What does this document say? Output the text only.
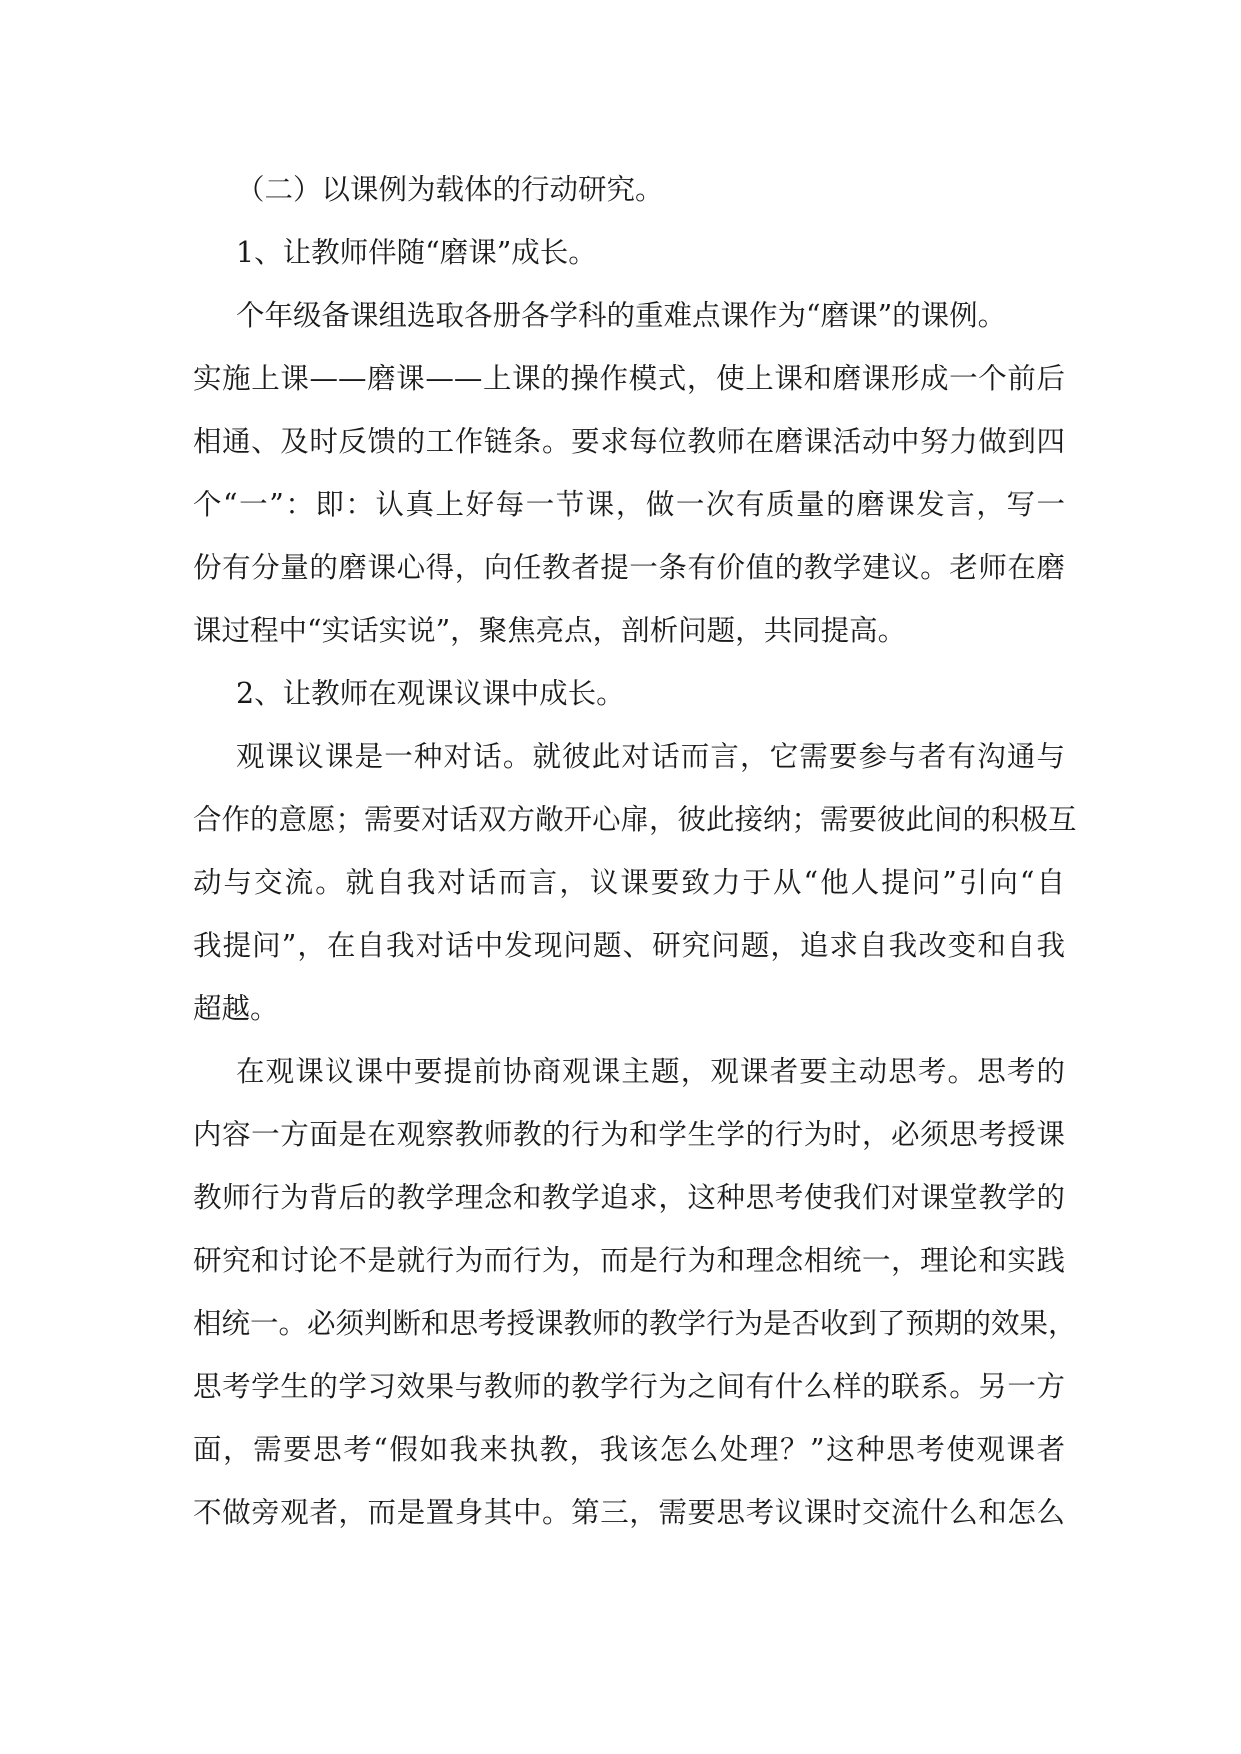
（二）以课例为载体的行动研究。
1、让教师伴随“磨课”成长。
个年级备课组选取各册各学科的重难点课作为“磨课”的课例。
实施上课——磨课——上课的操作模式，使上课和磨课形成一个前后
相通、及时反馈的工作链条。要求每位教师在磨课活动中努力做到四
个“一”：即：认真上好每一节课，做一次有质量的磨课发言，写一
份有分量的磨课心得，向任教者提一条有价值的教学建议。老师在磨
课过程中“实话实说”，聚焦亮点，剖析问题，共同提高。
2、让教师在观课议课中成长。
观课议课是一种对话。就彼此对话而言，它需要参与者有沟通与
合作的意愿；需要对话双方敞开心扉，彼此接纳；需要彼此间的积极互
动与交流。就自我对话而言，议课要致力于从“他人提问”引向“自
我提问”，在自我对话中发现问题、研究问题，追求自我改变和自我
超越。
在观课议课中要提前协商观课主题，观课者要主动思考。思考的
内容一方面是在观察教师教的行为和学生学的行为时，必须思考授课
教师行为背后的教学理念和教学追求，这种思考使我们对课堂教学的
研究和讨论不是就行为而行为，而是行为和理念相统一，理论和实践
相统一。必须判断和思考授课教师的教学行为是否收到了预期的效果，
思考学生的学习效果与教师的教学行为之间有什么样的联系。另一方
面，需要思考“假如我来执教，我该怎么处理？”这种思考使观课者
不做旁观者，而是置身其中。第三，需要思考议课时交流什么和怎么
